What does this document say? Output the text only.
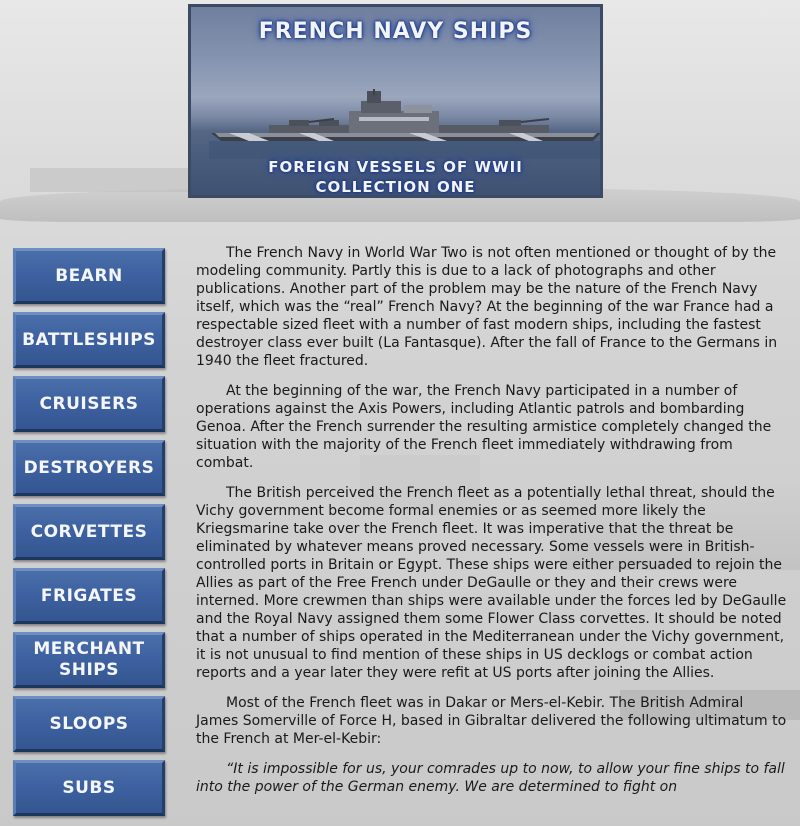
FRENCH NAVY SHIPS
FOREIGN VESSELS OF WWII
COLLECTION ONE
BEARN
BATTLESHIPS
CRUISERS
DESTROYERS
CORVETTES
FRIGATES
MERCHANT SHIPS
SLOOPS
SUBS

The French Navy in World War Two is not often mentioned or thought of by the modeling community. Partly this is due to a lack of photographs and other publications. Another part of the problem may be the nature of the French Navy itself, which was the “real” French Navy? At the beginning of the war France had a respectable sized fleet with a number of fast modern ships, including the fastest destroyer class ever built (La Fantasque). After the fall of France to the Germans in 1940 the fleet fractured.

At the beginning of the war, the French Navy participated in a number of operations against the Axis Powers, including Atlantic patrols and bombarding Genoa. After the French surrender the resulting armistice completely changed the situation with the majority of the French fleet immediately withdrawing from combat.

The British perceived the French fleet as a potentially lethal threat, should the Vichy government become formal enemies or as seemed more likely the Kriegsmarine take over the French fleet. It was imperative that the threat be eliminated by whatever means proved necessary. Some vessels were in British-controlled ports in Britain or Egypt. These ships were either persuaded to rejoin the Allies as part of the Free French under DeGaulle or they and their crews were interned. More crewmen than ships were available under the forces led by DeGaulle and the Royal Navy assigned them some Flower Class corvettes. It should be noted that a number of ships operated in the Mediterranean under the Vichy government, it is not unusual to find mention of these ships in US decklogs or combat action reports and a year later they were refit at US ports after joining the Allies.

Most of the French fleet was in Dakar or Mers-el-Kebir. The British Admiral James Somerville of Force H, based in Gibraltar delivered the following ultimatum to the French at Mer-el-Kebir:

“It is impossible for us, your comrades up to now, to allow your fine ships to fall into the power of the German enemy. We are determined to fight on
